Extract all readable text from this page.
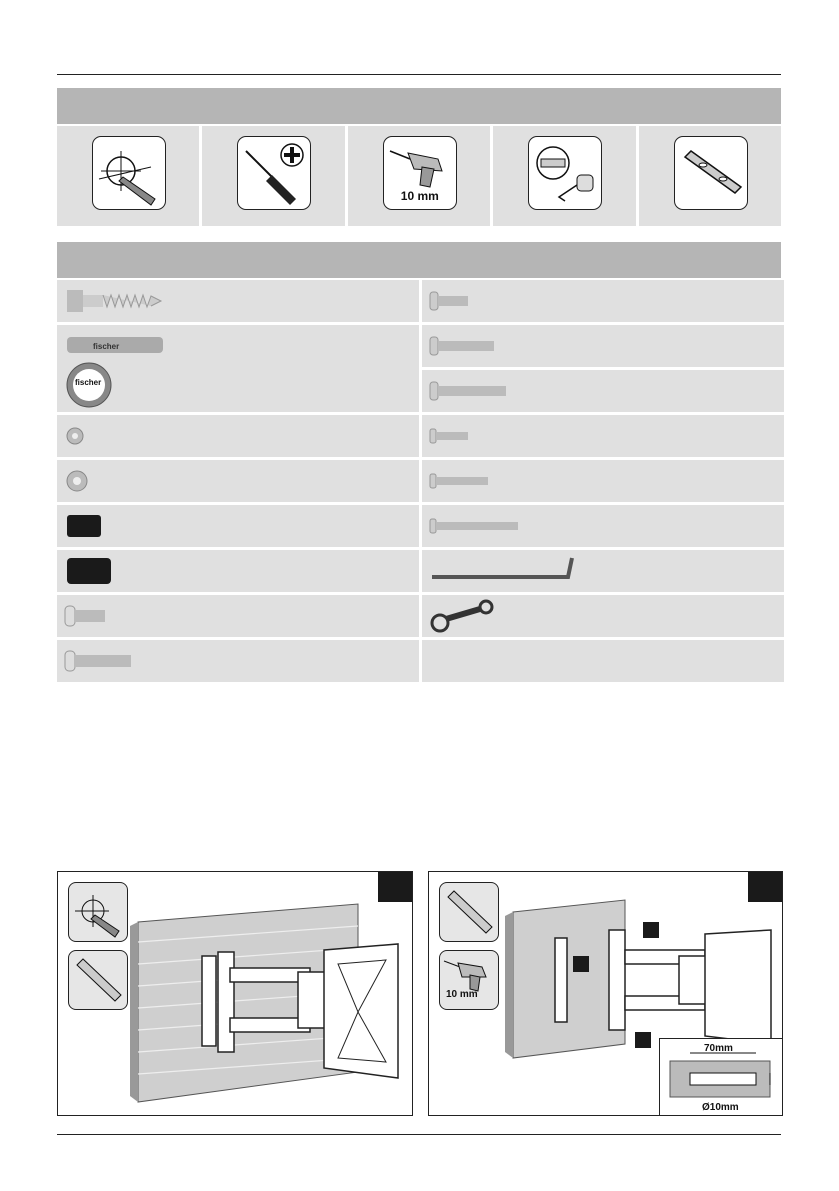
10 mm
fischer
fischer
10 mm
70mm
Ø10mm
